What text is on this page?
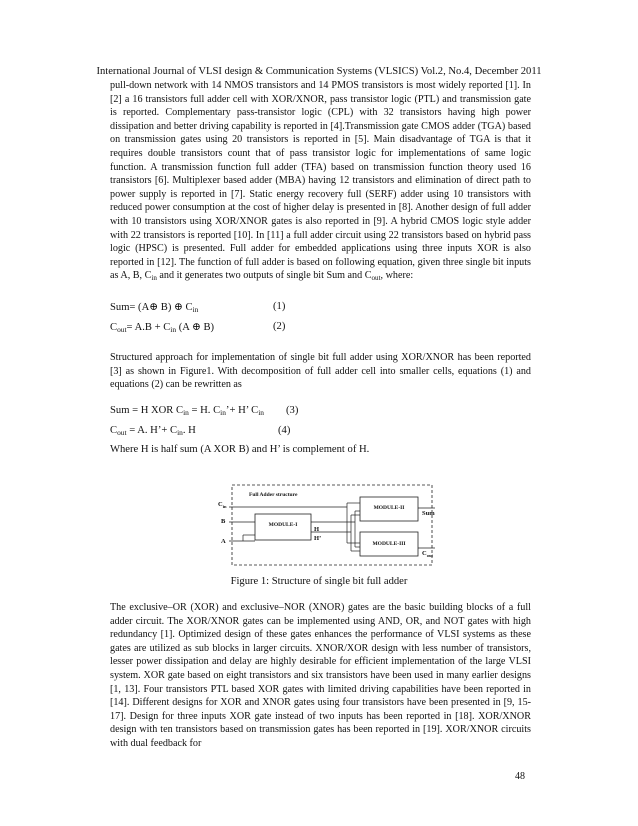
International Journal of VLSI design & Communication Systems (VLSICS) Vol.2, No.4, December 2011
pull-down network with 14 NMOS transistors and 14 PMOS transistors is most widely reported [1]. In [2] a 16 transistors full adder cell with XOR/XNOR, pass transistor logic (PTL) and transmission gate is reported. Complementary pass-transistor logic (CPL) with 32 transistors having high power dissipation and better driving capability is reported in [4].Transmission gate CMOS adder (TGA) based on transmission gates using 20 transistors is reported in [5]. Main disadvantage of TGA is that it requires double transistors count that of pass transistor logic for implementations of same logic function. A transmission function full adder (TFA) based on transmission function theory used 16 transistors [6]. Multiplexer based adder (MBA) having 12 transistors and elimination of direct path to power supply is reported in [7]. Static energy recovery full (SERF) adder using 10 transistors with reduced power consumption at the cost of higher delay is presented in [8]. Another design of full adder with 10 transistors using XOR/XNOR gates is also reported in [9]. A hybrid CMOS logic style adder with 22 transistors is reported [10]. In [11] a full adder circuit using 22 transistors based on hybrid pass logic (HPSC) is presented. Full adder for embedded applications using three inputs XOR is also reported in [12]. The function of full adder is based on following equation, given three single bit inputs as A, B, $C_{in}$ and it generates two outputs of single bit Sum and $C_{out}$, where:
Sum= (A⊕ B) ⊕ $C_{in}$	(1)
$C_{out}= A.B + C_{in}$ (A ⊕ B)	(2)
Structured approach for implementation of single bit full adder using XOR/XNOR has been reported [3] as shown in Figure1. With decomposition of full adder cell into smaller cells, equations (1) and equations (2) can be rewritten as
Sum = H XOR $C_{in} = H$. $C_{in}’+ H$’ $C_{in}$ (3)
$C_{out} = A$. H’+ $C_{in}$. H	(4)
Where H is half sum (A XOR B) and H’ is complement of H.
Full Adder structure
MODULE-I
MODULE-II
MODULE-III
$C_{in}$
B
A
H
H’
Sum
$C_{out}$
Figure 1: Structure of single bit full adder
The exclusive–OR (XOR) and exclusive–NOR (XNOR) gates are the basic building blocks of a full adder circuit. The XOR/XNOR gates can be implemented using AND, OR, and NOT gates with high redundancy [1]. Optimized design of these gates enhances the performance of VLSI systems as these gates are utilized as sub blocks in larger circuits. XNOR/XOR design with less number of transistors, lesser power dissipation and delay are highly desirable for efficient implementation of the large VLSI system. XOR gate based on eight transistors and six transistors have been used in many earlier designs [1, 13]. Four transistors PTL based XOR gates with limited driving capabilities have been reported in [14]. Different designs for XOR and XNOR gates using four transistors have been presented in [9, 15-17]. Design for three inputs XOR gate instead of two inputs has been reported in [18]. XOR/XNOR design with ten transistors based on transmission gates has been reported in [19]. XOR/XNOR circuits with dual feedback for
48
